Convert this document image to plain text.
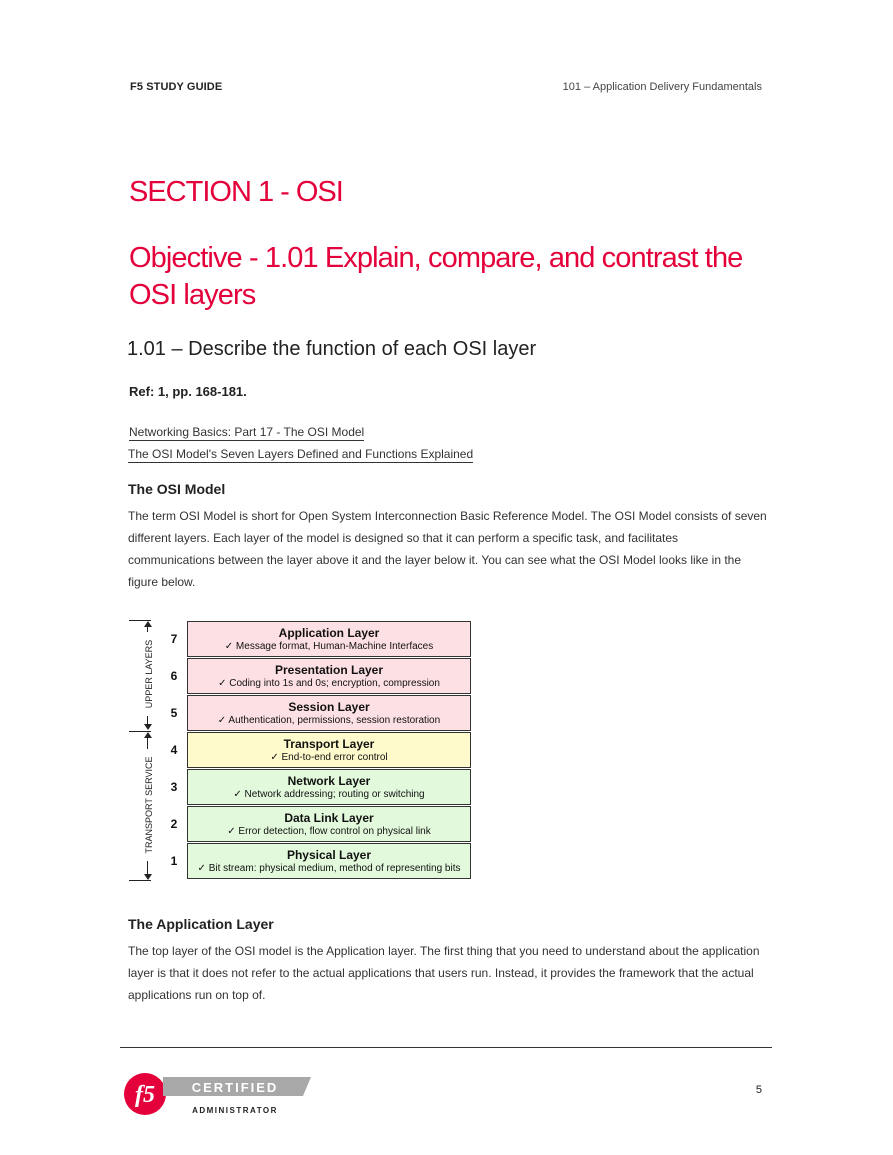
F5 STUDY GUIDE	101 – Application Delivery Fundamentals
SECTION 1 - OSI
Objective - 1.01 Explain, compare, and contrast the OSI layers
1.01 – Describe the function of each OSI layer
Ref: 1, pp. 168-181.
Networking Basics: Part 17 - The OSI Model
The OSI Model's Seven Layers Defined and Functions Explained
The OSI Model

The term OSI Model is short for Open System Interconnection Basic Reference Model. The OSI Model consists of seven different layers. Each layer of the model is designed so that it can perform a specific task, and facilitates communications between the layer above it and the layer below it. You can see what the OSI Model looks like in the figure below.

UPPER LAYERS
TRANSPORT SERVICE
7	Application Layer
✓ Message format, Human-Machine Interfaces
6	Presentation Layer
✓ Coding into 1s and 0s; encryption, compression
5	Session Layer
✓ Authentication, permissions, session restoration
4	Transport Layer
✓ End-to-end error control
3	Network Layer
✓ Network addressing; routing or switching
2	Data Link Layer
✓ Error detection, flow control on physical link
1	Physical Layer
✓ Bit stream: physical medium, method of representing bits
The Application Layer

The top layer of the OSI model is the Application layer. The first thing that you need to understand about the application layer is that it does not refer to the actual applications that users run. Instead, it provides the framework that the actual applications run on top of.

f5	CERTIFIED
ADMINISTRATOR
5
